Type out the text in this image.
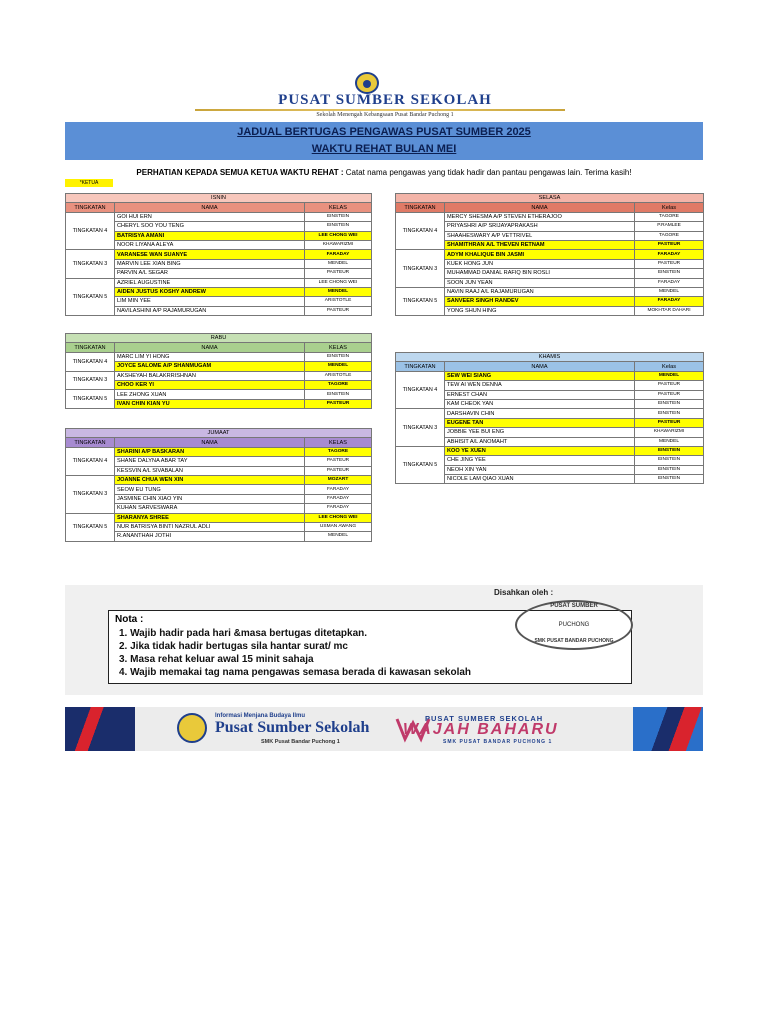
PUSAT SUMBER SEKOLAH
Sekolah Menengah Kebangsaan Pusat Bandar Puchong 1
JADUAL BERTUGAS PENGAWAS PUSAT SUMBER 2025
WAKTU REHAT BULAN MEI
PERHATIAN KEPADA SEMUA KETUA WAKTU REHAT : Catat nama pengawas yang tidak hadir dan pantau pengawas lain. Terima kasih!
*KETUA
ISNIN		
TINGKATAN	NAMA	KELAS
TINGKATAN 4	GOI HUI ERN	EINSTEIN
	CHERYL SOO YOU TENG	EINSTEIN
	BATRISYA AMANI	LEE CHONG WEI
	NOOR LIYANA ALEYA	KHAWARIZMI
TINGKATAN 3	VARANESE WAN SUANYE	FARADAY
	MARVIN LEE XIAN BING	MENDEL
	PARVIN A/L SEGAR	PASTEUR
TINGKATAN 5	AZRIEL AUGUSTINE	LEE CHONG WEI
	AIDEN JUSTUS KOSHY ANDREW	MENDEL
	LIM MIN YEE	ARISTOTLE
	NAVILASHINI A/P RAJAMURUGAN	PASTEUR
SELASA		
TINGKATAN	NAMA	Kelas
TINGKATAN 4	MERCY SHESMA A/P STEVEN ETHERAJOO	TAGORE
	PRIYASHRI A/P SRIJAYAPRAKASH	P.RAMLEE
	SHAAHESWARY A/P VETTRIVEL	TAGORE
	SHAMITHRAN A/L THEVEN RETNAM	PASTEUR
TINGKATAN 3	ADYM KHALIQUE BIN JASMI	FARADAY
	KUEK HONG JUN	PASTEUR
	MUHAMMAD DANIAL RAFIQ BIN ROSLI	EINSTEIN
	SOON JUN YEAN	FARADAY
TINGKATAN 5	NAVIN RAAJ A/L RAJAMURUGAN	MENDEL
	SANVEER SINGH RANDEV	FARADAY
	YONG SHUN HING	MOKHTAR DAHARI
RABU		
TINGKATAN	NAMA	KELAS
TINGKATAN 4	MARC LIM YI HONG	EINSTEIN
	JOYCE SALOME A/P SHANMUGAM	MENDEL
TINGKATAN 3	AKSHEYAH BALAKRRISHNAN	ARISTOTLE
	CHOO KER YI	TAGORE
TINGKATAN 5	LEE ZHONG XUAN	EINSTEIN
	IVAN CHIN KIAN YU	PASTEUR
KHAMIS		
TINGKATAN	NAMA	Kelas
TINGKATAN 4	SEW WEI SIANG	MENDEL
	TEW AI WEN DENNA	PASTEUR
	ERNEST CHAN	PASTEUR
	KAM CHEOK YAN	EINSTEIN
TINGKATAN 3	DARSHAVIN CHIN	EINSTEIN
	EUGENE TAN	PASTEUR
	JOBBIE YEE BUI ENG	KHAWARIZMI
	ABHISIT A/L ANOMAHT	MENDEL
TINGKATAN 5	KOO YE XUEN	EINSTEIN
	CHE JING YEE	EINSTEIN
	NEOH XIN YAN	EINSTEIN
	NICOLE LAM QIAO XUAN	EINSTEIN
JUMAAT		
TINGKATAN	NAMA	KELAS
TINGKATAN 4	SHARINI A/P BASKARAN	TAGORE
	SHANE DALYNA ABAR TAY	PASTEUR
	KESSVIN A/L SIVABALAN	PASTEUR
TINGKATAN 3	JOANNE CHUA WEN XIN	MOZART
	SEOW EU TUNG	FARADAY
	JASMINE CHIN XIAO YIN	FARADAY
	KUHAN SARVESWARA	FARADAY
TINGKATAN 5	SHARANYA SHREE	LEE CHONG WEI
	NUR BATRISYA BINTI NAZRUL ADLI	USMAN AWANG
	R.ANANTHAH JOTHI	MENDEL
Disahkan oleh :
Nota :
1. Wajib hadir pada hari &masa bertugas ditetapkan.
2. Jika tidak hadir bertugas sila hantar surat/ mc
3. Masa rehat keluar awal 15 minit sahaja
4. Wajib memakai tag nama pengawas semasa berada di kawasan sekolah
PUSAT SUMBER
PUCHONG
SMK PUSAT BANDAR PUCHONG
Informasi Menjana Budaya Ilmu
Pusat Sumber Sekolah
SMK Pusat Bandar Puchong 1
PUSAT SUMBER SEKOLAH
WAJAH BAHARU
SMK PUSAT BANDAR PUCHONG 1
